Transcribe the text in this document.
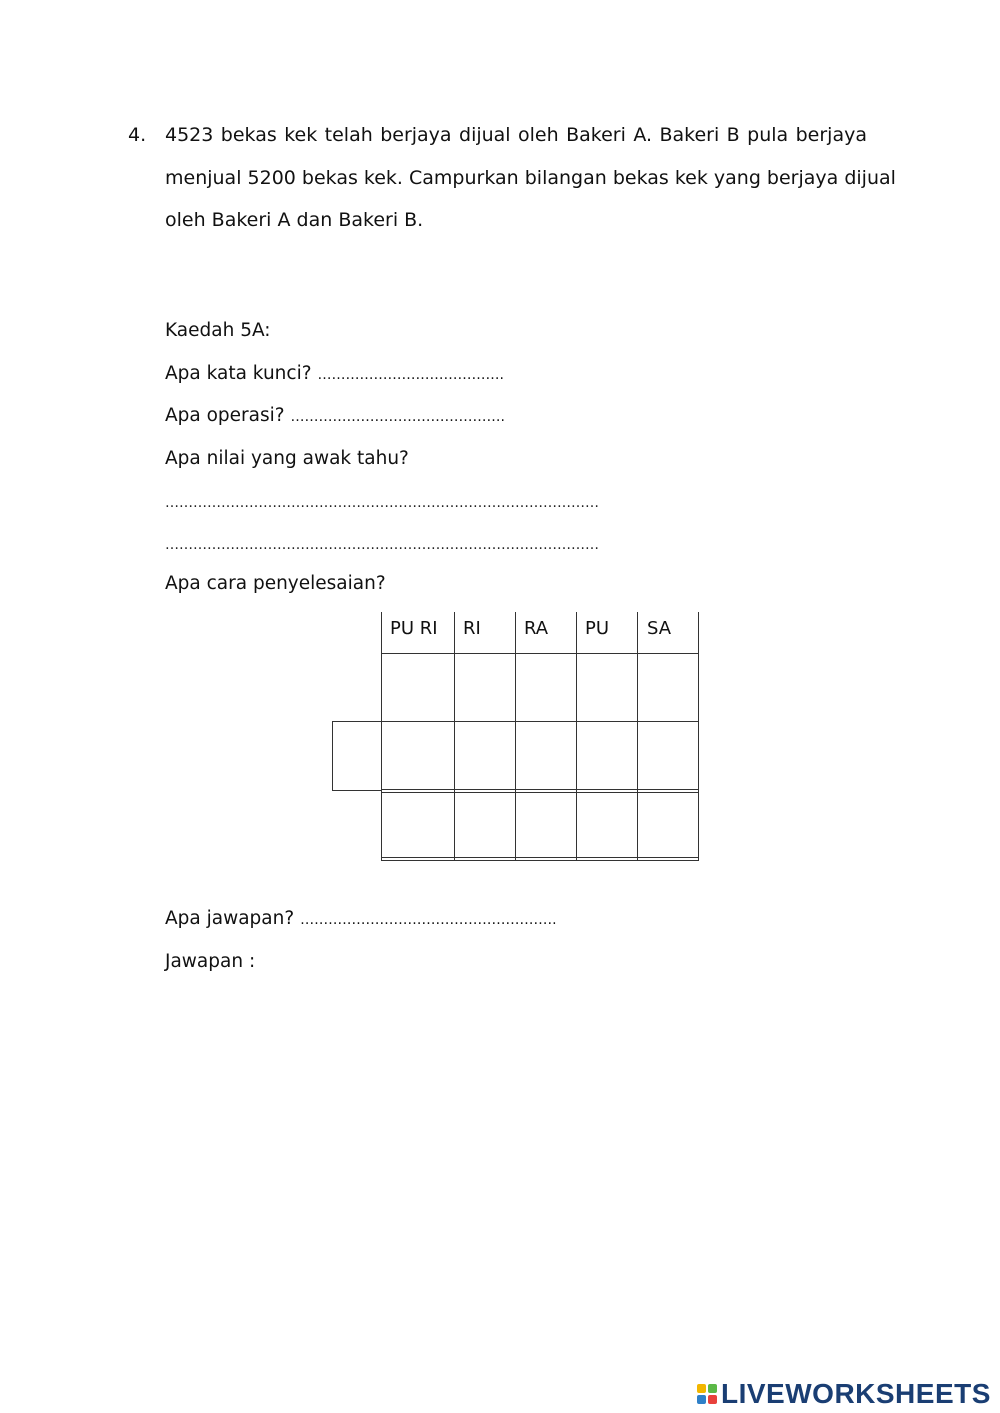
4. 4523 bekas kek telah berjaya dijual oleh Bakeri A. Bakeri B pula berjaya
menjual 5200 bekas kek. Campurkan bilangan bekas kek yang berjaya dijual
oleh Bakeri A dan Bakeri B.
Kaedah 5A:
Apa kata kunci? ………………………………….
Apa operasi? ……………………………………….
Apa nilai yang awak tahu?
…………………………………………………………………………………
…………………………………………………………………………………
Apa cara penyelesaian?
PU RI RI RA PU SA
Apa jawapan? ……………………………………………….
Jawapan :
LIVEWORKSHEETS
